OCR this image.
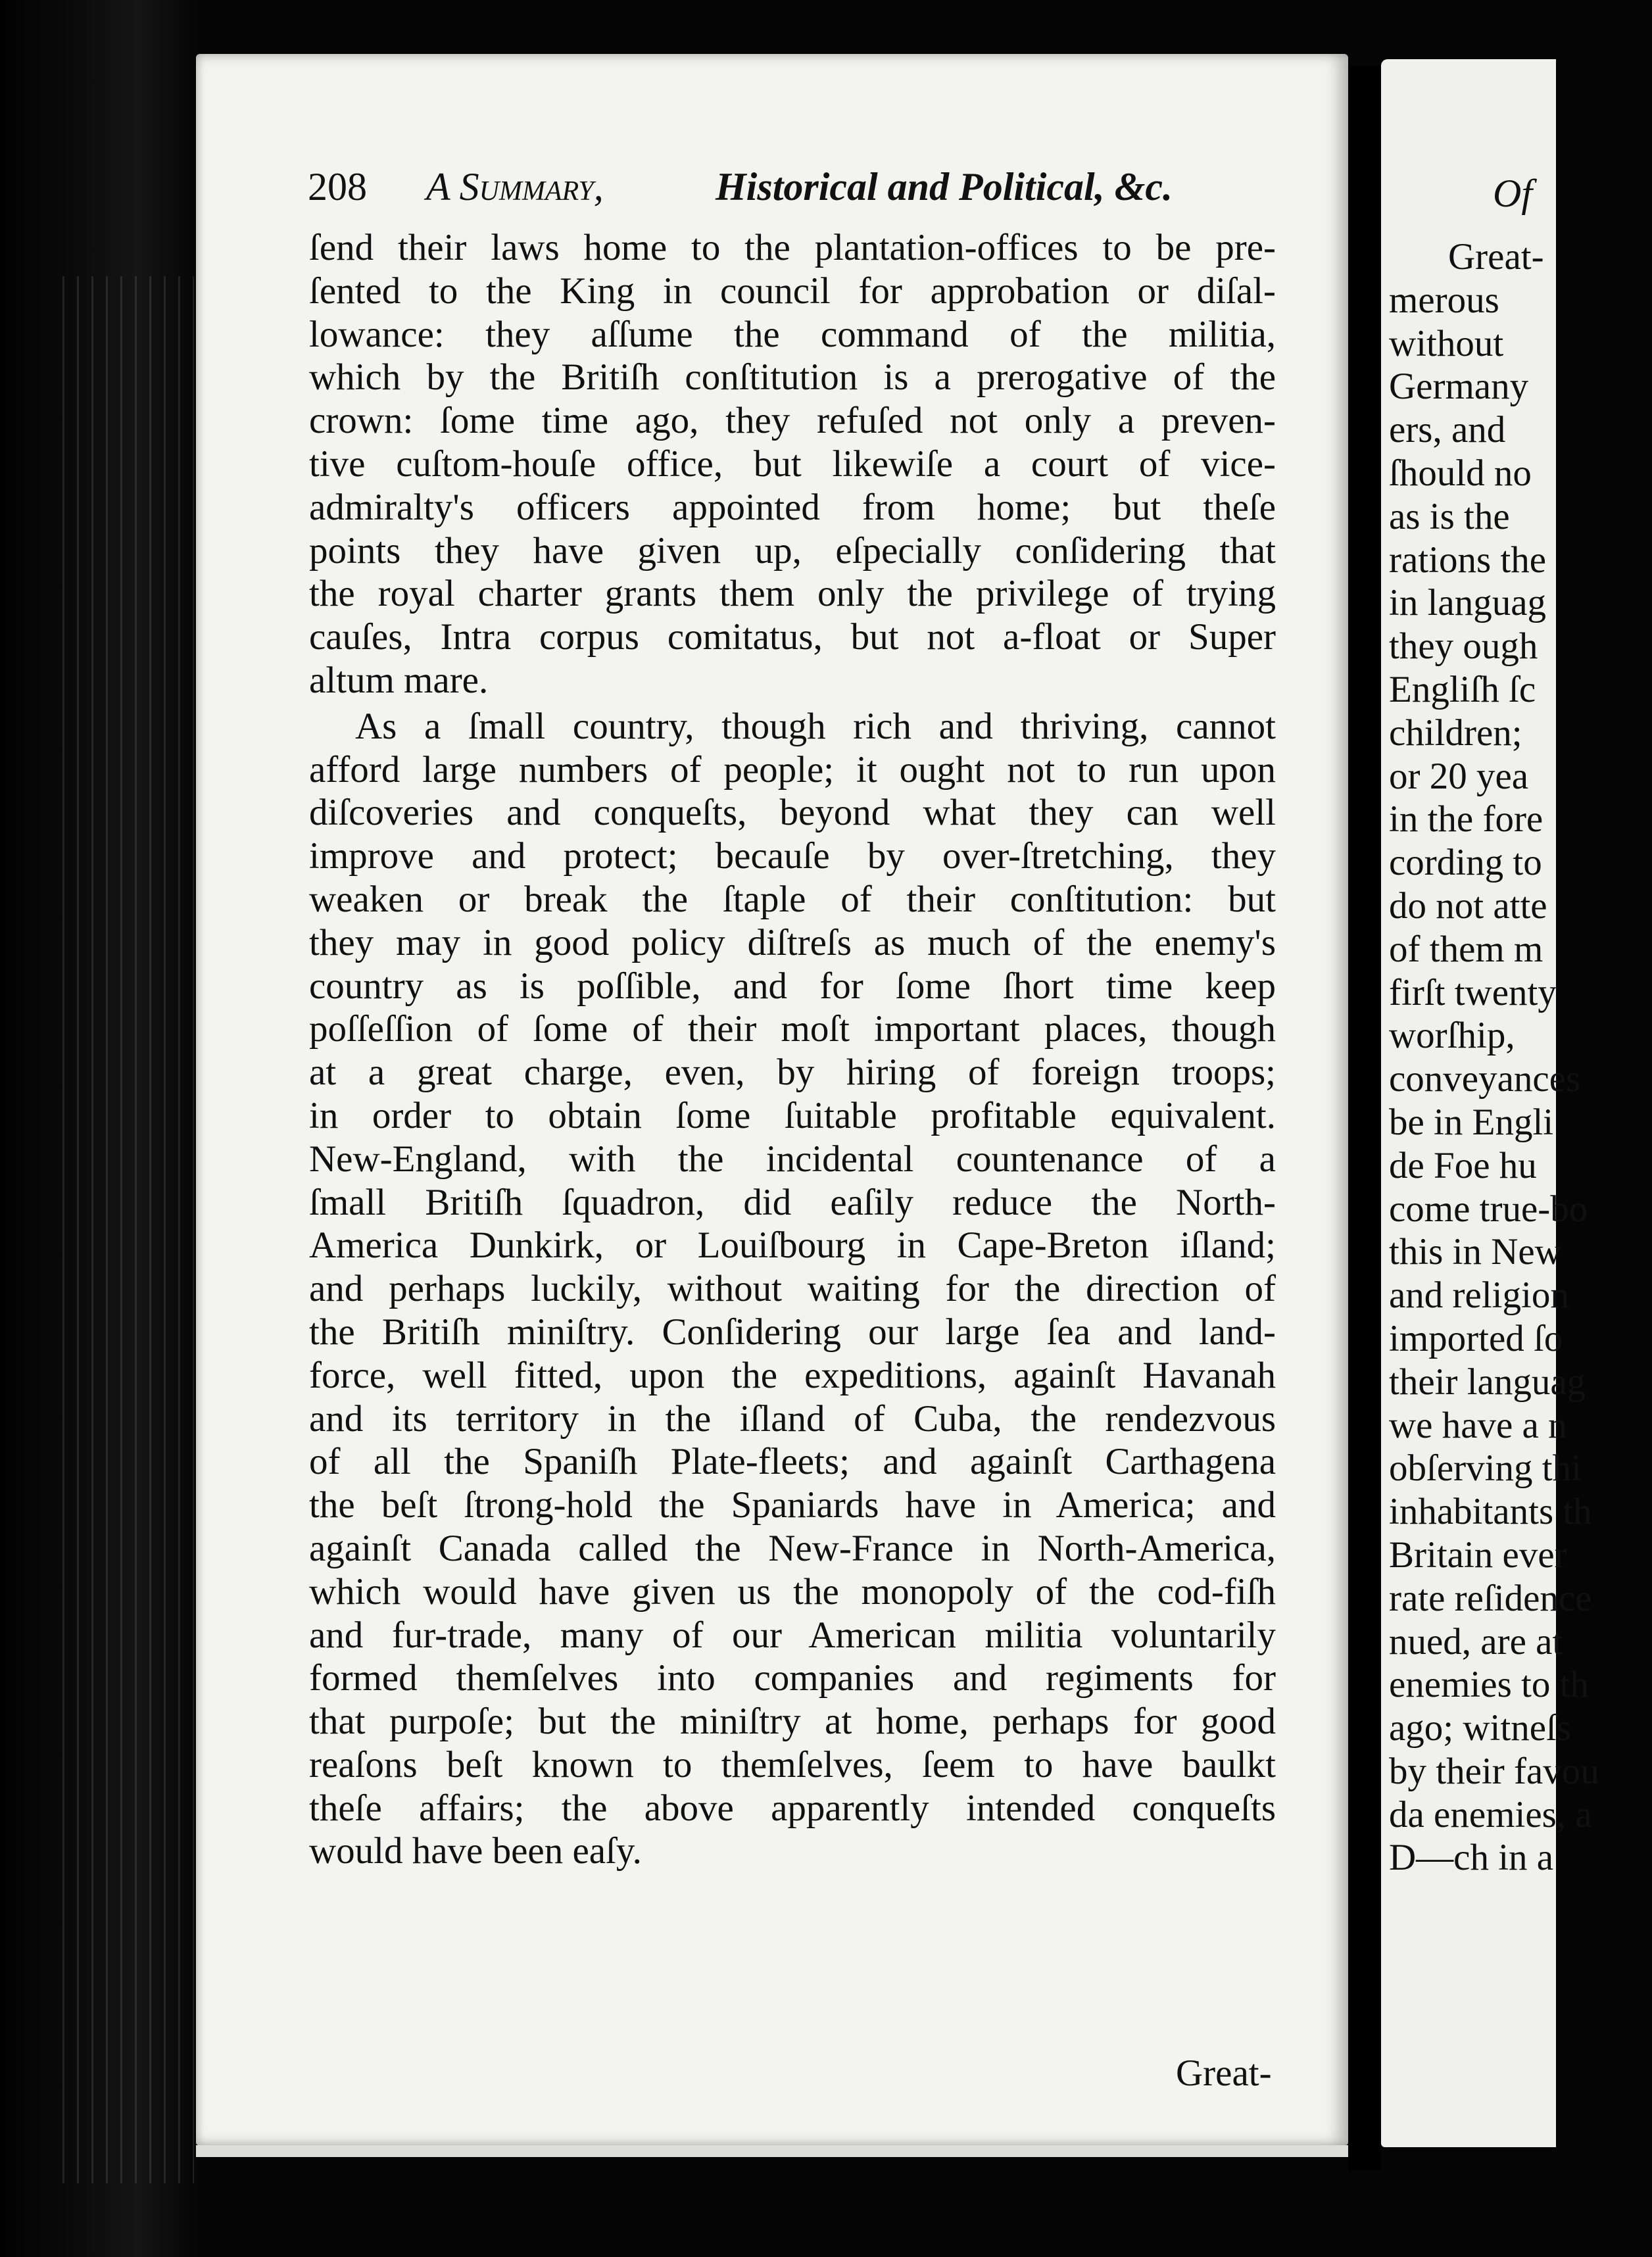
208 A Summary,	Historical and Political, &c.
ſend their laws home to the plantation-offices to be pre-
ſented to the King in council for approbation or diſal-
lowance: they aſſume the command of the militia,
which by the Britiſh conſtitution is a prerogative of the
crown: ſome time ago, they refuſed not only a preven-
tive cuſtom-houſe office, but likewiſe a court of vice-
admiralty's officers appointed from home; but theſe
points they have given up, eſpecially conſidering that
the royal charter grants them only the privilege of trying
cauſes, Intra corpus comitatus, but not a-float or Super
altum mare.
As a ſmall country, though rich and thriving, cannot
afford large numbers of people; it ought not to run upon
diſcoveries and conqueſts, beyond what they can well
improve and protect; becauſe by over-ſtretching, they
weaken or break the ſtaple of their conſtitution: but
they may in good policy diſtreſs as much of the enemy's
country as is poſſible, and for ſome ſhort time keep
poſſeſſion of ſome of their moſt important places, though
at a great charge, even, by hiring of foreign troops;
in order to obtain ſome ſuitable profitable equivalent.
New-England, with the incidental countenance of a
ſmall Britiſh ſquadron, did eaſily reduce the North-
America Dunkirk, or Louiſbourg in Cape-Breton iſland;
and perhaps luckily, without waiting for the direction of
the Britiſh miniſtry. Conſidering our large ſea and land-
force, well fitted, upon the expeditions, againſt Havanah
and its territory in the iſland of Cuba, the rendezvous
of all the Spaniſh Plate-fleets; and againſt Carthagena
the beſt ſtrong-hold the Spaniards have in America; and
againſt Canada called the New-France in North-America,
which would have given us the monopoly of the cod-fiſh
and fur-trade, many of our American militia voluntarily
formed themſelves into companies and regiments for
that purpoſe; but the miniſtry at home, perhaps for good
reaſons beſt known to themſelves, ſeem to have baulkt
theſe affairs; the above apparently intended conqueſts
would have been eaſy.
Great-
Of
Great-
merous
without
Germany
ers, and
ſhould no
as is the
rations the
in languag
they ough
Engliſh ſc
children;
or 20 yea
in the fore
cording to
do not atte
of them m
firſt twenty
worſhip,
conveyances
be in Engli
de Foe hu
come true-bo
this in New
and religion
imported ſo
their languag
we have a n
obſerving thi
inhabitants th
Britain ever
rate reſidence
nued, are at
enemies to th
ago; witneſs
by their favou
da enemies, a
D—ch in a
